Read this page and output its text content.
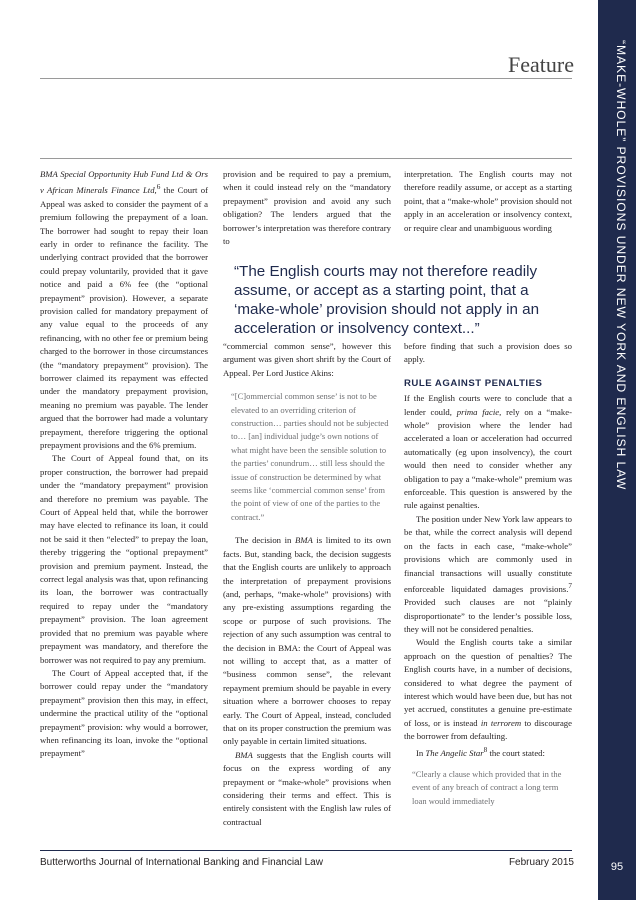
Feature	“MAKE-WHOLE” PROVISIONS UNDER NEW YORK AND ENGLISH LAW

BMA Special Opportunity Hub Fund Ltd & Ors v African Minerals Finance Ltd,$^6$ the Court of Appeal was asked to consider the payment of a premium following the prepayment of a loan. The borrower had sought to repay their loan early in order to refinance the facility. The underlying contract provided that the borrower could prepay voluntarily, provided that it gave notice and paid a 6% fee (the “optional prepayment” provision). However, a separate provision called for mandatory prepayment of any value equal to the proceeds of any refinancing, with no other fee or premium being charged to the borrower in those circumstances (the “mandatory prepayment” provision). The borrower claimed its repayment was effected under the mandatory prepayment provision, meaning no premium was payable. The lender argued that the borrower had made a voluntary prepayment, therefore triggering the optional prepayment provisions and the 6% premium.

The Court of Appeal found that, on its proper construction, the borrower had prepaid under the “mandatory prepayment” provision and therefore no premium was payable. The Court of Appeal held that, while the borrower may have elected to refinance its loan, it could not be said it then “elected” to prepay the loan, thereby triggering the “optional prepayment” provision and premium payment. Instead, the correct legal analysis was that, upon refinancing its loan, the borrower was contractually required to repay under the “mandatory prepayment” provision. The loan agreement provided that no premium was payable where prepayment was mandatory, and therefore the borrower was not required to pay any premium.

The Court of Appeal accepted that, if the borrower could repay under the “mandatory prepayment” provision then this may, in effect, undermine the practical utility of the “optional prepayment” provision: why would a borrower, when refinancing its loan, invoke the “optional prepayment”

provision and be required to pay a premium, when it could instead rely on the “mandatory prepayment” provision and avoid any such obligation? The lenders argued that the borrower’s interpretation was therefore contrary to

interpretation. The English courts may not therefore readily assume, or accept as a starting point, that a “make-whole” provision should not apply in an acceleration or insolvency context, or require clear and unambiguous wording

“The English courts may not therefore readily assume, or accept as a starting point, that a ‘make-whole’ provision should not apply in an acceleration or insolvency context...”

“commercial common sense”, however this argument was given short shrift by the Court of Appeal. Per Lord Justice Akins:

“[C]ommercial common sense’ is not to be elevated to an overriding criterion of construction… parties should not be subjected to… [an] individual judge’s own notions of what might have been the sensible solution to the parties’ conundrum… still less should the issue of construction be determined by what seems like ‘commercial common sense’ from the point of view of one of the parties to the contract.”

The decision in BMA is limited to its own facts. But, standing back, the decision suggests that the English courts are unlikely to approach the interpretation of prepayment provisions (and, perhaps, “make-whole” provisions) with any pre-existing assumptions regarding the scope or purpose of such provisions. The rejection of any such assumption was central to the decision in BMA: the Court of Appeal was not willing to accept that, as a matter of “business common sense”, the relevant repayment premium should be payable in every situation where a borrower chooses to repay early. The Court of Appeal, instead, concluded that on its proper construction the premium was only payable in certain limited situations.

BMA suggests that the English courts will focus on the express wording of any prepayment or “make-whole” provisions when considering their terms and effect. This is entirely consistent with the English law rules of contractual

before finding that such a provision does so apply.

RULE AGAINST PENALTIES

If the English courts were to conclude that a lender could, prima facie, rely on a “make-whole” provision where the lender had accelerated a loan or acceleration had occurred automatically (eg upon insolvency), the court would then need to consider whether any obligation to pay a “make-whole” premium was enforceable. This question is answered by the rule against penalties.

The position under New York law appears to be that, while the correct analysis will depend on the facts in each case, “make-whole” provisions which are commonly used in financial transactions will usually constitute enforceable liquidated damages provisions.$^7$ Provided such clauses are not “plainly disproportionate” to the lender’s possible loss, they will not be considered penalties.

Would the English courts take a similar approach on the question of penalties? The English courts have, in a number of decisions, considered to what degree the payment of interest which would have been due, but has not yet accrued, constitutes a genuine pre-estimate of loss, or is instead in terrorem to discourage the borrower from defaulting.

In The Angelic Star$^8$ the court stated:

“Clearly a clause which provided that in the event of any breach of contract a long term loan would immediately

Butterworths Journal of International Banking and Financial Law	February 2015	95
